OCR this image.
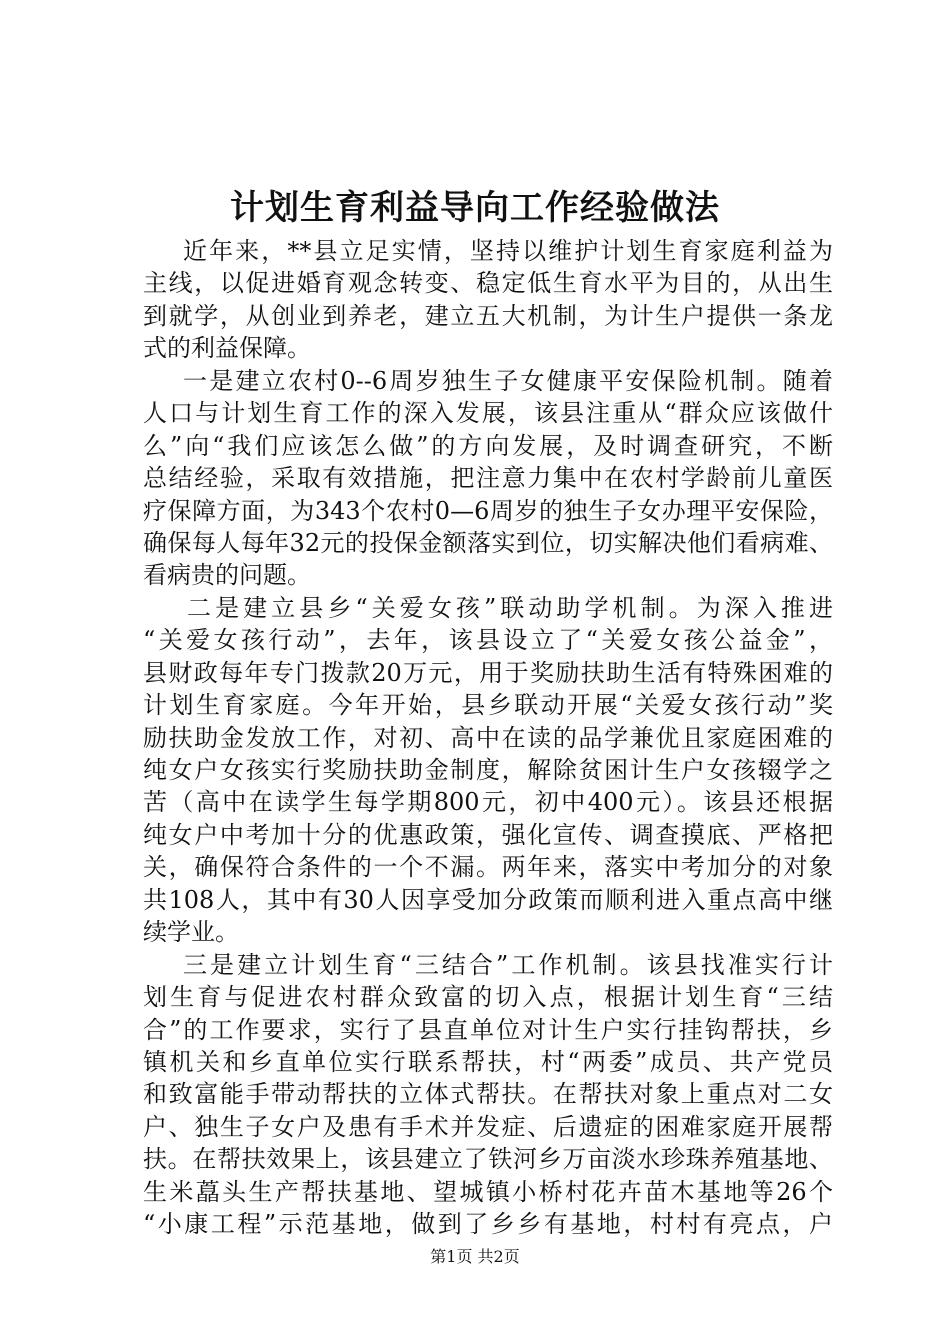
计划生育利益导向工作经验做法
近年来，**县立足实情，坚持以维护计划生育家庭利益为
主线，以促进婚育观念转变、稳定低生育水平为目的，从出生
到就学，从创业到养老，建立五大机制，为计生户提供一条龙
式的利益保障。
一是建立农村0--6周岁独生子女健康平安保险机制。随着
人口与计划生育工作的深入发展，该县注重从“群众应该做什
么”向“我们应该怎么做”的方向发展，及时调查研究，不断
总结经验，采取有效措施，把注意力集中在农村学龄前儿童医
疗保障方面，为343个农村0—6周岁的独生子女办理平安保险，
确保每人每年32元的投保金额落实到位，切实解决他们看病难、
看病贵的问题。
二是建立县乡“关爱女孩”联动助学机制。为深入推进
“关爱女孩行动”，去年，该县设立了“关爱女孩公益金”，
县财政每年专门拨款20万元，用于奖励扶助生活有特殊困难的
计划生育家庭。今年开始，县乡联动开展“关爱女孩行动”奖
励扶助金发放工作，对初、高中在读的品学兼优且家庭困难的
纯女户女孩实行奖励扶助金制度，解除贫困计生户女孩辍学之
苦（高中在读学生每学期800元，初中400元）。该县还根据
纯女户中考加十分的优惠政策，强化宣传、调查摸底、严格把
关，确保符合条件的一个不漏。两年来，落实中考加分的对象
共108人，其中有30人因享受加分政策而顺利进入重点高中继
续学业。
三是建立计划生育“三结合”工作机制。该县找准实行计
划生育与促进农村群众致富的切入点，根据计划生育“三结
合”的工作要求，实行了县直单位对计生户实行挂钩帮扶，乡
镇机关和乡直单位实行联系帮扶，村“两委”成员、共产党员
和致富能手带动帮扶的立体式帮扶。在帮扶对象上重点对二女
户、独生子女户及患有手术并发症、后遗症的困难家庭开展帮
扶。在帮扶效果上，该县建立了铁河乡万亩淡水珍珠养殖基地、
生米藠头生产帮扶基地、望城镇小桥村花卉苗木基地等26个
“小康工程”示范基地，做到了乡乡有基地，村村有亮点，户

第1页 共2页
